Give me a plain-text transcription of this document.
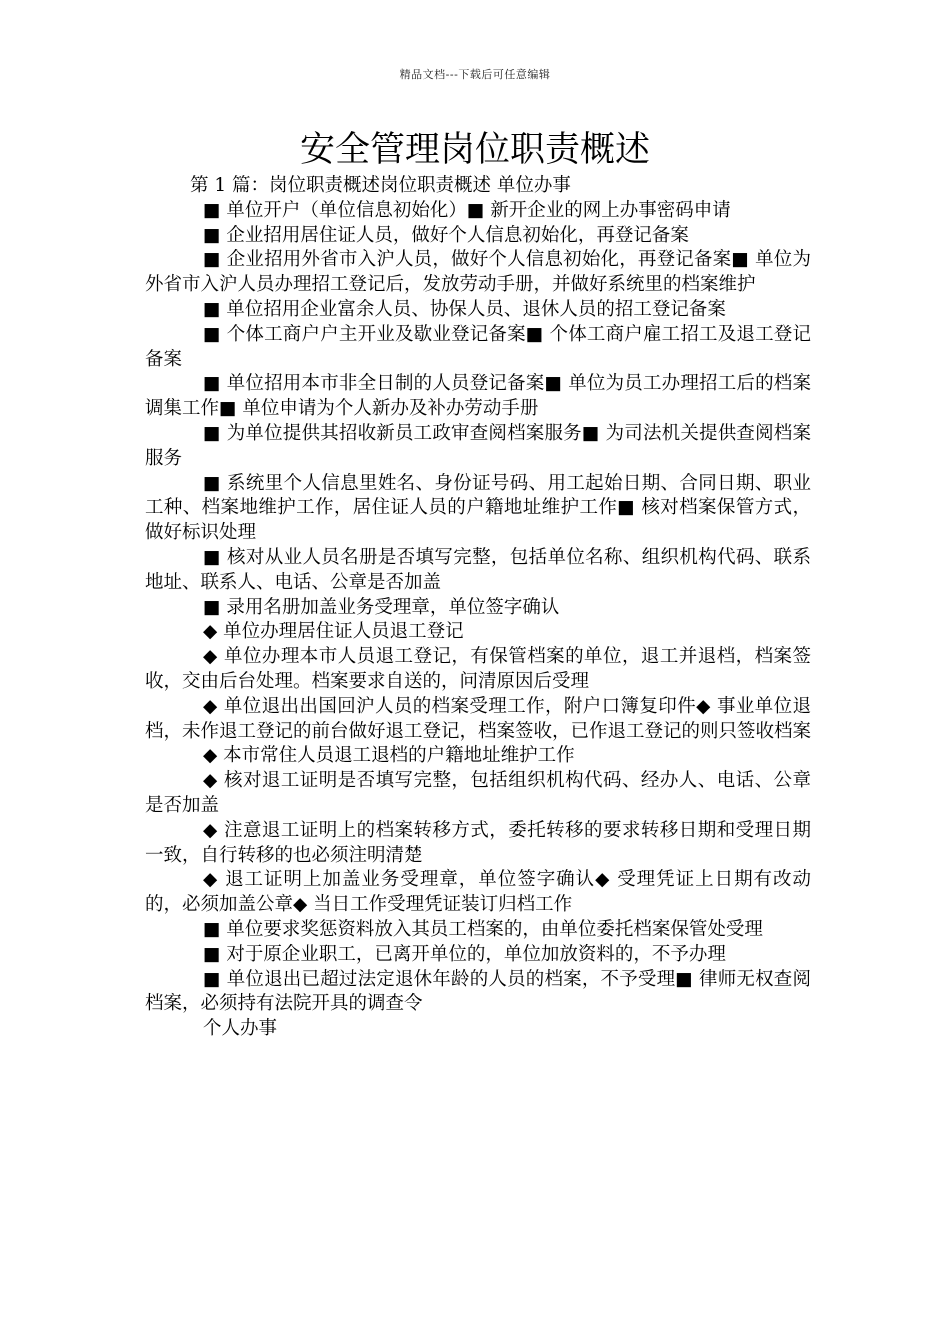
精品文档---下载后可任意编辑
安全管理岗位职责概述

第 1 篇：岗位职责概述岗位职责概述 单位办事

■ 单位开户（单位信息初始化）■ 新开企业的网上办事密码申请

■ 企业招用居住证人员，做好个人信息初始化，再登记备案

■ 企业招用外省市入沪人员，做好个人信息初始化，再登记备案■ 单位为外省市入沪人员办理招工登记后，发放劳动手册，并做好系统里的档案维护

■ 单位招用企业富余人员、协保人员、退休人员的招工登记备案

■ 个体工商户户主开业及歇业登记备案■ 个体工商户雇工招工及退工登记备案

■ 单位招用本市非全日制的人员登记备案■ 单位为员工办理招工后的档案调集工作■ 单位申请为个人新办及补办劳动手册

■ 为单位提供其招收新员工政审查阅档案服务■ 为司法机关提供查阅档案服务

■ 系统里个人信息里姓名、身份证号码、用工起始日期、合同日期、职业工种、档案地维护工作，居住证人员的户籍地址维护工作■ 核对档案保管方式，做好标识处理

■ 核对从业人员名册是否填写完整，包括单位名称、组织机构代码、联系地址、联系人、电话、公章是否加盖

■ 录用名册加盖业务受理章，单位签字确认

◆ 单位办理居住证人员退工登记

◆ 单位办理本市人员退工登记，有保管档案的单位，退工并退档，档案签收，交由后台处理。档案要求自送的，问清原因后受理

◆ 单位退出出国回沪人员的档案受理工作，附户口簿复印件◆ 事业单位退档，未作退工登记的前台做好退工登记，档案签收，已作退工登记的则只签收档案

◆ 本市常住人员退工退档的户籍地址维护工作

◆ 核对退工证明是否填写完整，包括组织机构代码、经办人、电话、公章是否加盖

◆ 注意退工证明上的档案转移方式，委托转移的要求转移日期和受理日期一致，自行转移的也必须注明清楚

◆ 退工证明上加盖业务受理章，单位签字确认◆ 受理凭证上日期有改动的，必须加盖公章◆ 当日工作受理凭证装订归档工作

■ 单位要求奖惩资料放入其员工档案的，由单位委托档案保管处受理

■ 对于原企业职工，已离开单位的，单位加放资料的，不予办理

■ 单位退出已超过法定退休年龄的人员的档案，不予受理■ 律师无权查阅档案，必须持有法院开具的调查令

个人办事
